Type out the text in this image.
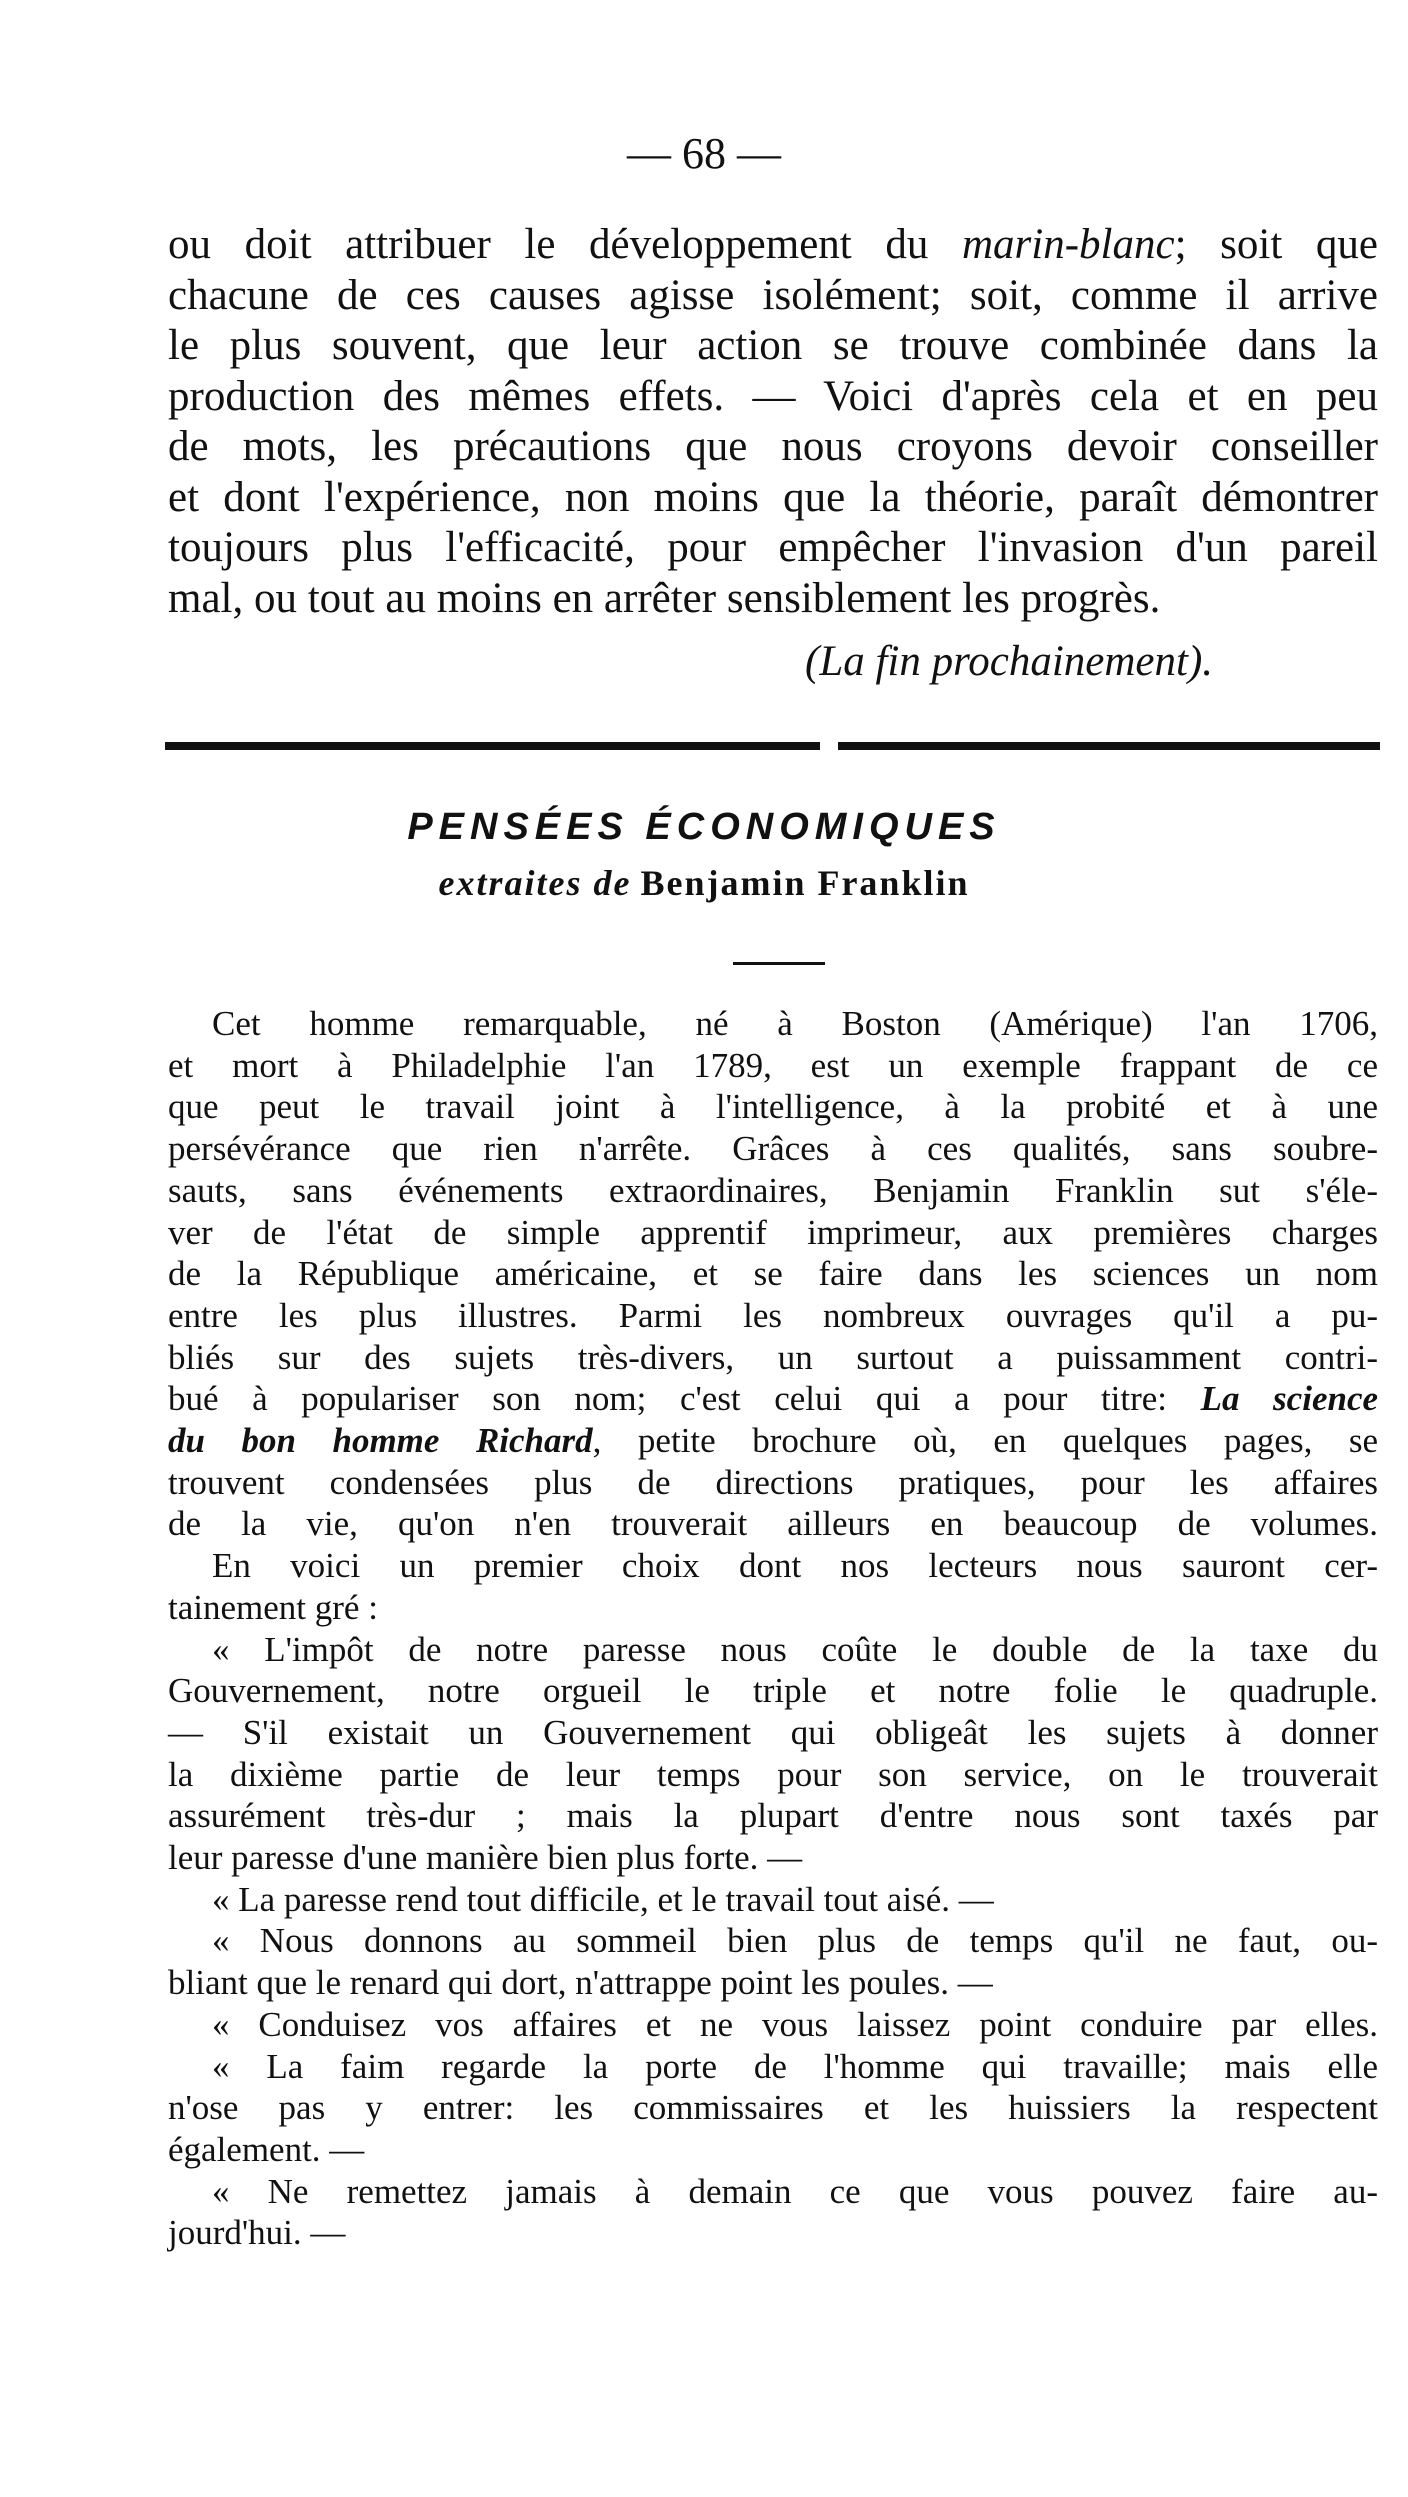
— 68 —

ou doit attribuer le développement du marin-blanc; soit que

chacune de ces causes agisse isolément; soit, comme il arrive

le plus souvent, que leur action se trouve combinée dans la

production des mêmes effets. — Voici d'après cela et en peu

de mots, les précautions que nous croyons devoir conseiller

et dont l'expérience, non moins que la théorie, paraît démontrer

toujours plus l'efficacité, pour empêcher l'invasion d'un pareil

mal, ou tout au moins en arrêter sensiblement les progrès.

(La fin prochainement).
PENSÉES ÉCONOMIQUES
extraites de Benjamin Franklin

Cet homme remarquable, né à Boston (Amérique) l'an 1706,

et mort à Philadelphie l'an 1789, est un exemple frappant de ce

que peut le travail joint à l'intelligence, à la probité et à une

persévérance que rien n'arrête. Grâces à ces qualités, sans soubre-

sauts, sans événements extraordinaires, Benjamin Franklin sut s'éle-

ver de l'état de simple apprentif imprimeur, aux premières charges

de la République américaine, et se faire dans les sciences un nom

entre les plus illustres. Parmi les nombreux ouvrages qu'il a pu-

bliés sur des sujets très-divers, un surtout a puissamment contri-

bué à populariser son nom; c'est celui qui a pour titre: La science

du bon homme Richard, petite brochure où, en quelques pages, se

trouvent condensées plus de directions pratiques, pour les affaires

de la vie, qu'on n'en trouverait ailleurs en beaucoup de volumes.

En voici un premier choix dont nos lecteurs nous sauront cer-

tainement gré :

« L'impôt de notre paresse nous coûte le double de la taxe du

Gouvernement, notre orgueil le triple et notre folie le quadruple.

— S'il existait un Gouvernement qui obligeât les sujets à donner

la dixième partie de leur temps pour son service, on le trouverait

assurément très-dur ; mais la plupart d'entre nous sont taxés par

leur paresse d'une manière bien plus forte. —

« La paresse rend tout difficile, et le travail tout aisé. —

« Nous donnons au sommeil bien plus de temps qu'il ne faut, ou-

bliant que le renard qui dort, n'attrappe point les poules. —

« Conduisez vos affaires et ne vous laissez point conduire par elles.

« La faim regarde la porte de l'homme qui travaille; mais elle

n'ose pas y entrer: les commissaires et les huissiers la respectent

également. —

« Ne remettez jamais à demain ce que vous pouvez faire au-

jourd'hui. —
